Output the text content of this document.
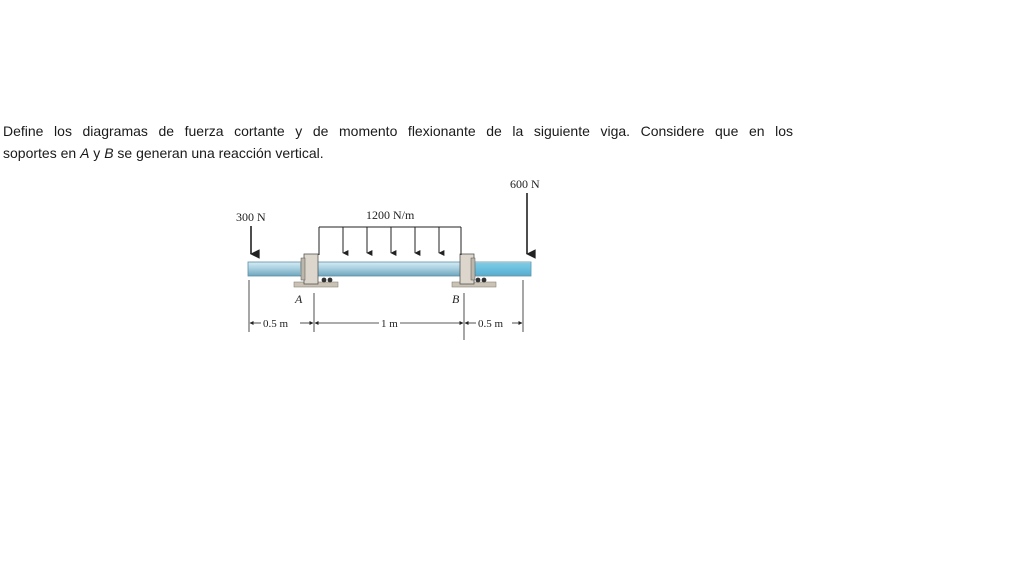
Define los diagramas de fuerza cortante y de momento flexionante de la siguiente viga. Considere que en los
soportes en A y B se generan una reacción vertical.
300 N
600 N
1200 N/m
A	B
0.5 m	1 m	0.5 m
